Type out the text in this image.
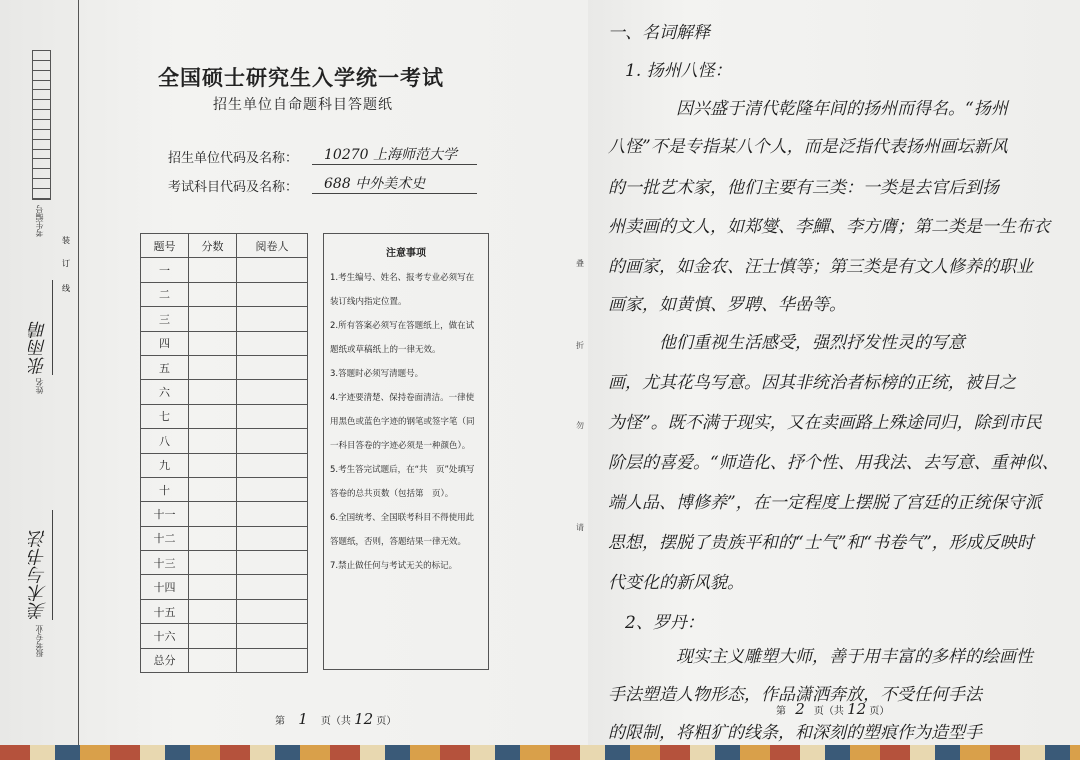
考生编号
姓名
张雨晴
报考专业
美术与书法
装
订
线
全国硕士研究生入学统一考试
招生单位自命题科目答题纸
招生单位代码及名称：	10270 上海师范大学
考试科目代码及名称：	688 中外美术史
题号	分数	阅卷人
一		
二		
三		
四		
五		
六		
七		
八		
九		
十		
十一		
十二		
十三		
十四		
十五		
十六		
总分		
注意事项

1.考生编号、姓名、报考专业必须写在装订线内指定位置。

2.所有答案必须写在答题纸上，做在试题纸或草稿纸上的一律无效。

3.答题时必须写清题号。

4.字迹要清楚、保持卷面清洁。一律使用黑色或蓝色字迹的钢笔或签字笔（同一科目答卷的字迹必须是一种颜色）。

5.考生答完试题后，在“共　页”处填写答卷的总共页数（包括第　页）。

6.全国统考、全国联考科目不得使用此答题纸，否则，答题结果一律无效。

7.禁止做任何与考试无关的标记。

第 1 页（共 12 页）
叠
折
勿
请
第 2 页（共 12 页）
一、名词解释
　1. 扬州八怪：
　　　　因兴盛于清代乾隆年间的扬州而得名。“扬州
八怪”不是专指某八个人，而是泛指代表扬州画坛新风
的一批艺术家，他们主要有三类：一类是去官后到扬
州卖画的文人，如郑燮、李鱓、李方膺；第二类是一生布衣
的画家，如金农、汪士慎等；第三类是有文人修养的职业
画家，如黄慎、罗聘、华嵒等。
　　　他们重视生活感受，强烈抒发性灵的写意
画，尤其花鸟写意。因其非统治者标榜的正统，被目之
为怪”。既不满于现实，又在卖画路上殊途同归，除到市民
阶层的喜爱。“师造化、抒个性、用我法、去写意、重神似、
端人品、博修养”，在一定程度上摆脱了宫廷的正统保守派
思想，摆脱了贵族平和的“士气”和“书卷气”，形成反映时
代变化的新风貌。
　2、罗丹：
　　　　现实主义雕塑大师，善于用丰富的多样的绘画性
手法塑造人物形态，作品潇洒奔放，不受任何手法
的限制，将粗犷的线条，和深刻的塑痕作为造型手
